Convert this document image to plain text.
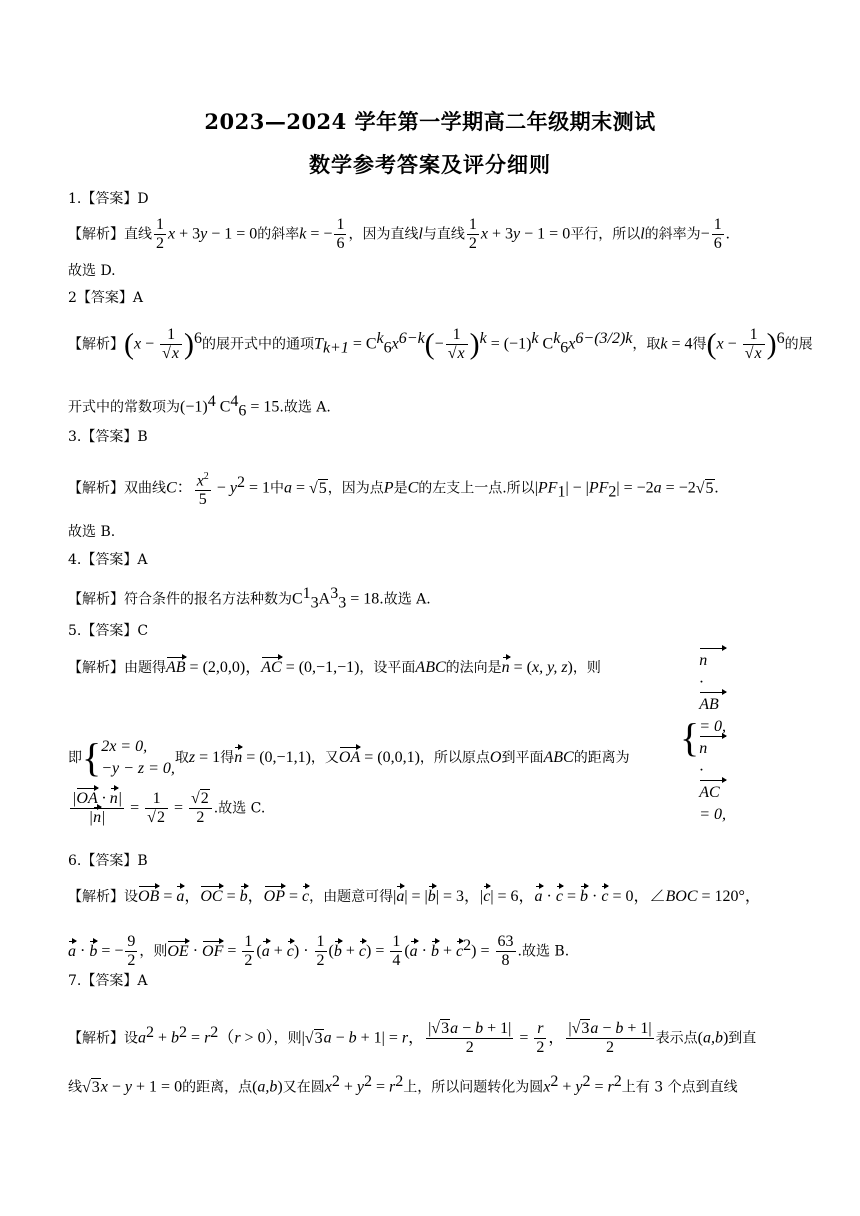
2023—2024 学年第一学期高二年级期末测试
数学参考答案及评分细则
1.【答案】D
【解析】直线 $\frac{1}{2}$ x + 3y − 1 = 0的斜率k = − $\frac{1}{6}$ ，因为直线l与直线 $\frac{1}{2}$ x + 3y − 1 = 0平行，所以l的斜率为− $\frac{1}{6}$ .
故选 D.
2【答案】A
【解析】$(x - \frac{1}{√x} )^6$的展开式中的通项$T_{k+1} = C^k_6x^{6-k}(- \frac{1}{√x} )^k = (-1)^k$ $C^k_6x^{6-(3/2)k}$，取k = 4得$(x - \frac{1}{√x} )^6$的展
开式中的常数项为$(-1)^4$ $C^4_6 = 15$.故选 A.
3.【答案】B
【解析】双曲线C： $\frac{x^2}{5} - y^2 = 1$中a = √5，因为点P是C的左支上一点.所以$|PF_1| - |PF_2| = -2a = -2√5$.
故选 B.
4.【答案】A
【解析】符合条件的报名方法种数为$C^1_3A^3_3 = 18$.故选 A.
5.【答案】C
【解析】由题得AB = (2,0,0)，AC = (0,−1,−1)，设平面ABC的法向是n = (x, y, z)，则
{
n
·
AB
= 0,
n
·
AC
= 0,
即{ 2x = 0,
−y − z = 0,
取z = 1得n = (0,−1,1)，又OA = (0,0,1)，所以原点O到平面ABC的距离为
$\frac{|OA \cdot n|}{|n|} = \frac{1}{√2} = \frac{√2}{2}$ .故选 C.
6.【答案】B
【解析】设OB = a，OC = b，OP = c，由题意可得|a| = |b| = 3，|c| = 6，a · c = b · c = 0，∠BOC = 120°，
a · b = − $\frac{9}{2}$ ，则OE · OF = $\frac{1}{2} (a + c) \cdot \frac{1}{2} (b + c) = \frac{1}{4} (a \cdot b + c^2) = \frac{63}{8}$ .故选 B.
7.【答案】A
【解析】设$a^2 + b^2 = r^2(r > 0)$，则|√3a − b + 1| = r， $\frac{|√3a - b + 1|}{2} = \frac{r}{2}$ ， $\frac{|√3a - b + 1|}{2}$ 表示点(a,b)到直
线√3x − y + 1 = 0的距离，点(a,b)又在圆$x^2 + y^2 = r^2$上，所以问题转化为圆$x^2 + y^2 = r^2$上有 3 个点到直线
